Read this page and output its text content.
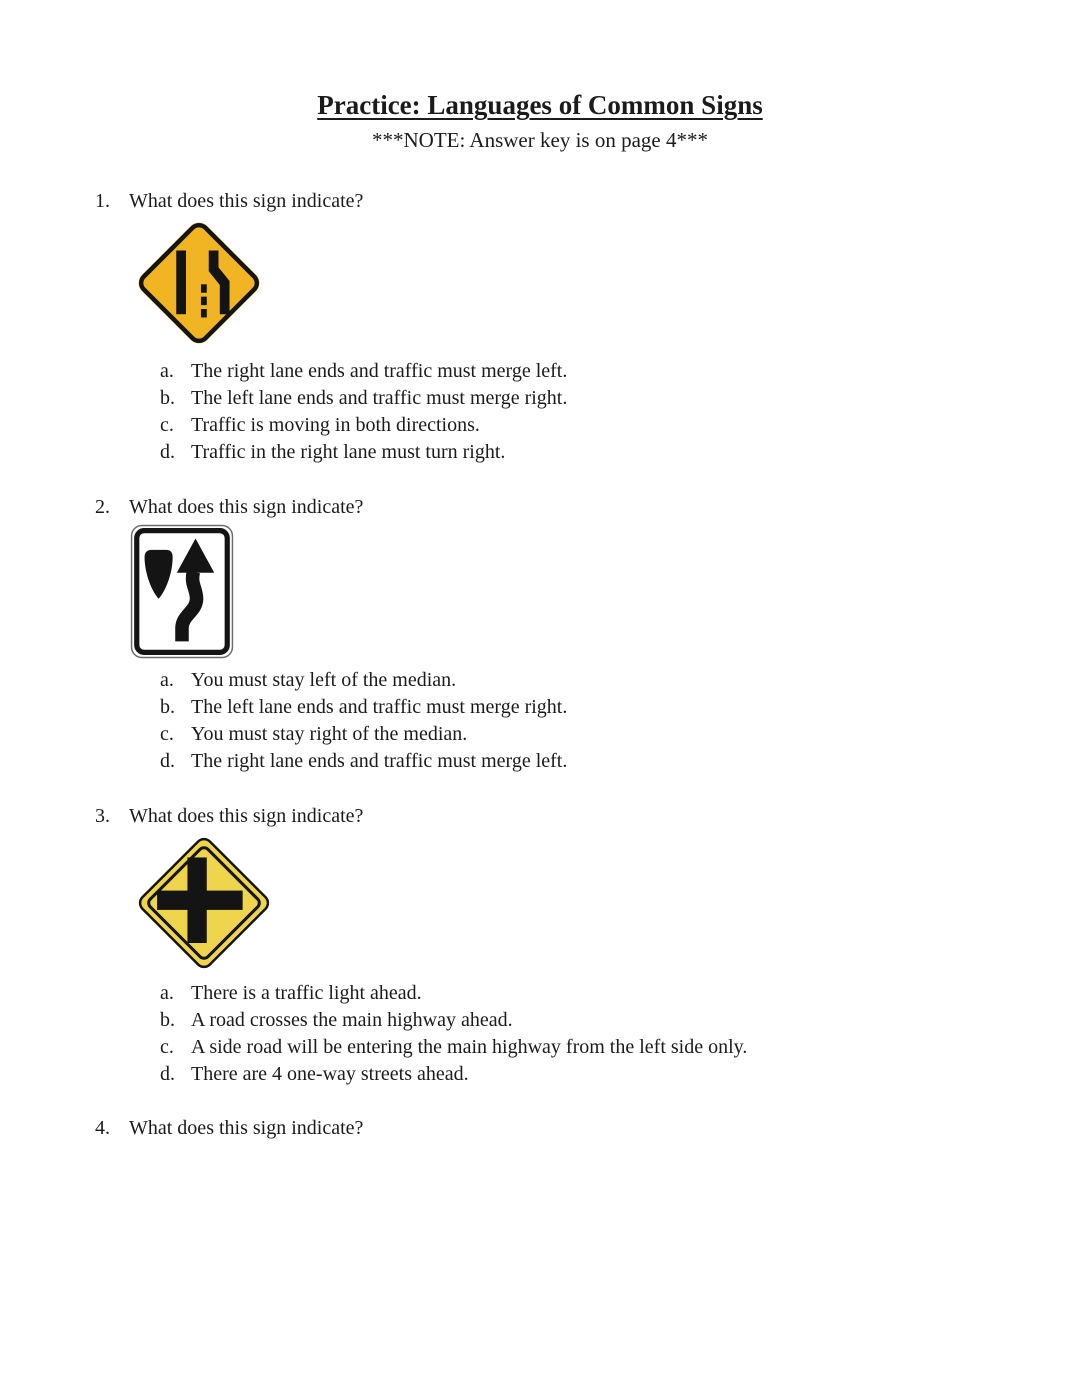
Practice: Languages of Common Signs
***NOTE: Answer key is on page 4***
1. What does this sign indicate?
a. The right lane ends and traffic must merge left.
b. The left lane ends and traffic must merge right.
c. Traffic is moving in both directions.
d. Traffic in the right lane must turn right.
2. What does this sign indicate?
a. You must stay left of the median.
b. The left lane ends and traffic must merge right.
c. You must stay right of the median.
d. The right lane ends and traffic must merge left.
3. What does this sign indicate?
a. There is a traffic light ahead.
b. A road crosses the main highway ahead.
c. A side road will be entering the main highway from the left side only.
d. There are 4 one-way streets ahead.
4. What does this sign indicate?
